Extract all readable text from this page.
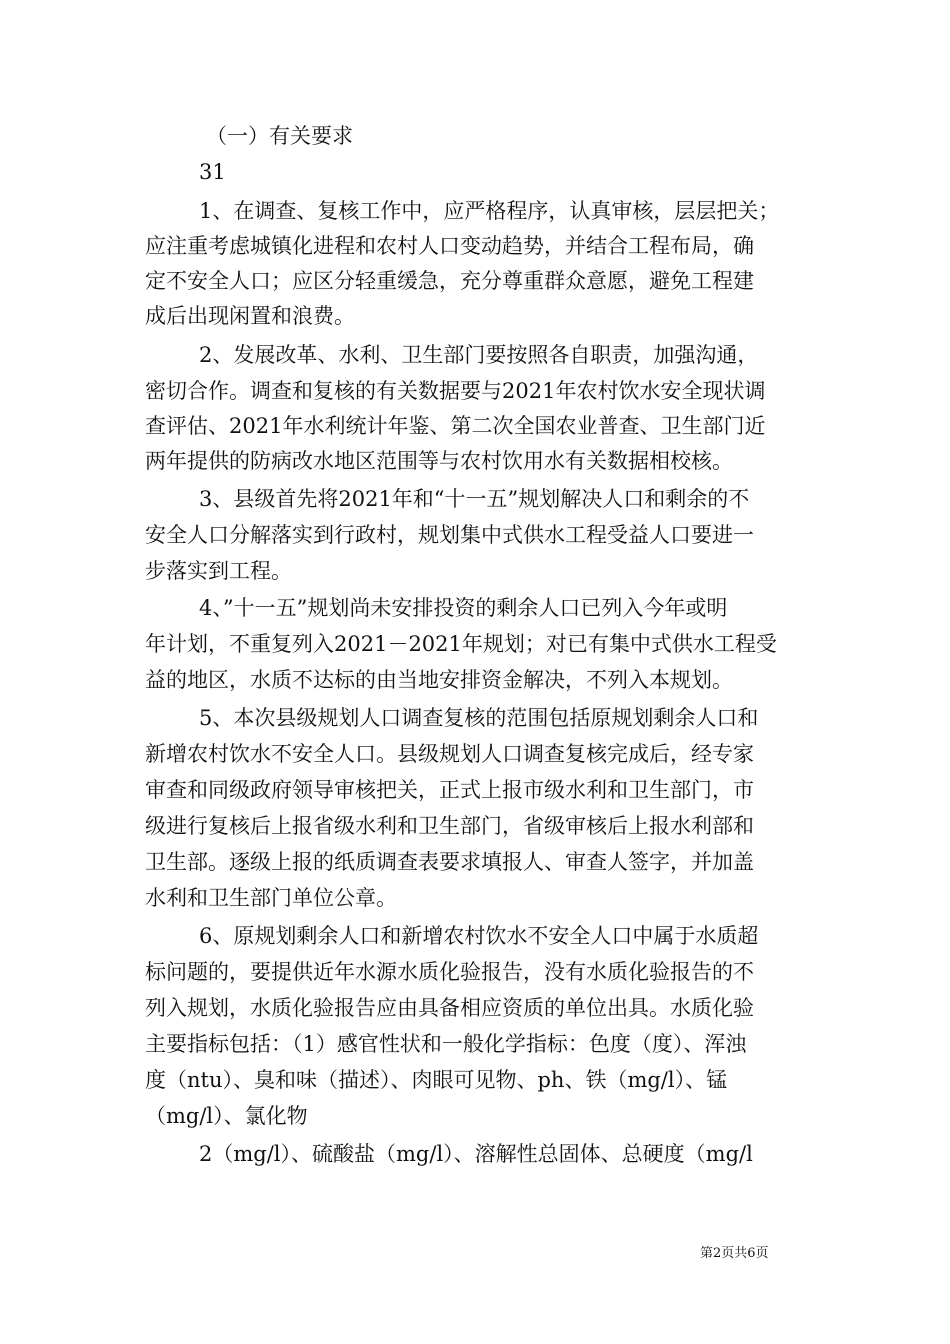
（一）有关要求
31
1、在调查、复核工作中，应严格程序，认真审核，层层把关；
应注重考虑城镇化进程和农村人口变动趋势，并结合工程布局，确
定不安全人口；应区分轻重缓急，充分尊重群众意愿，避免工程建
成后出现闲置和浪费。
2、发展改革、水利、卫生部门要按照各自职责，加强沟通，
密切合作。调查和复核的有关数据要与2021年农村饮水安全现状调
查评估、2021年水利统计年鉴、第二次全国农业普查、卫生部门近
两年提供的防病改水地区范围等与农村饮用水有关数据相校核。
3、县级首先将2021年和“十一五”规划解决人口和剩余的不
安全人口分解落实到行政村，规划集中式供水工程受益人口要进一
步落实到工程。
4、”十一五”规划尚未安排投资的剩余人口已列入今年或明
年计划，不重复列入2021－2021年规划；对已有集中式供水工程受
益的地区，水质不达标的由当地安排资金解决，不列入本规划。
5、本次县级规划人口调查复核的范围包括原规划剩余人口和
新增农村饮水不安全人口。县级规划人口调查复核完成后，经专家
审查和同级政府领导审核把关，正式上报市级水利和卫生部门，市
级进行复核后上报省级水利和卫生部门，省级审核后上报水利部和
卫生部。逐级上报的纸质调查表要求填报人、审查人签字，并加盖
水利和卫生部门单位公章。
6、原规划剩余人口和新增农村饮水不安全人口中属于水质超
标问题的，要提供近年水源水质化验报告，没有水质化验报告的不
列入规划，水质化验报告应由具备相应资质的单位出具。水质化验
主要指标包括：（1）感官性状和一般化学指标：色度（度）、浑浊
度（ntu）、臭和味（描述）、肉眼可见物、ph、铁（mg/l）、锰
（mg/l）、氯化物
2（mg/l）、硫酸盐（mg/l）、溶解性总固体、总硬度（mg/l
第2页共6页
